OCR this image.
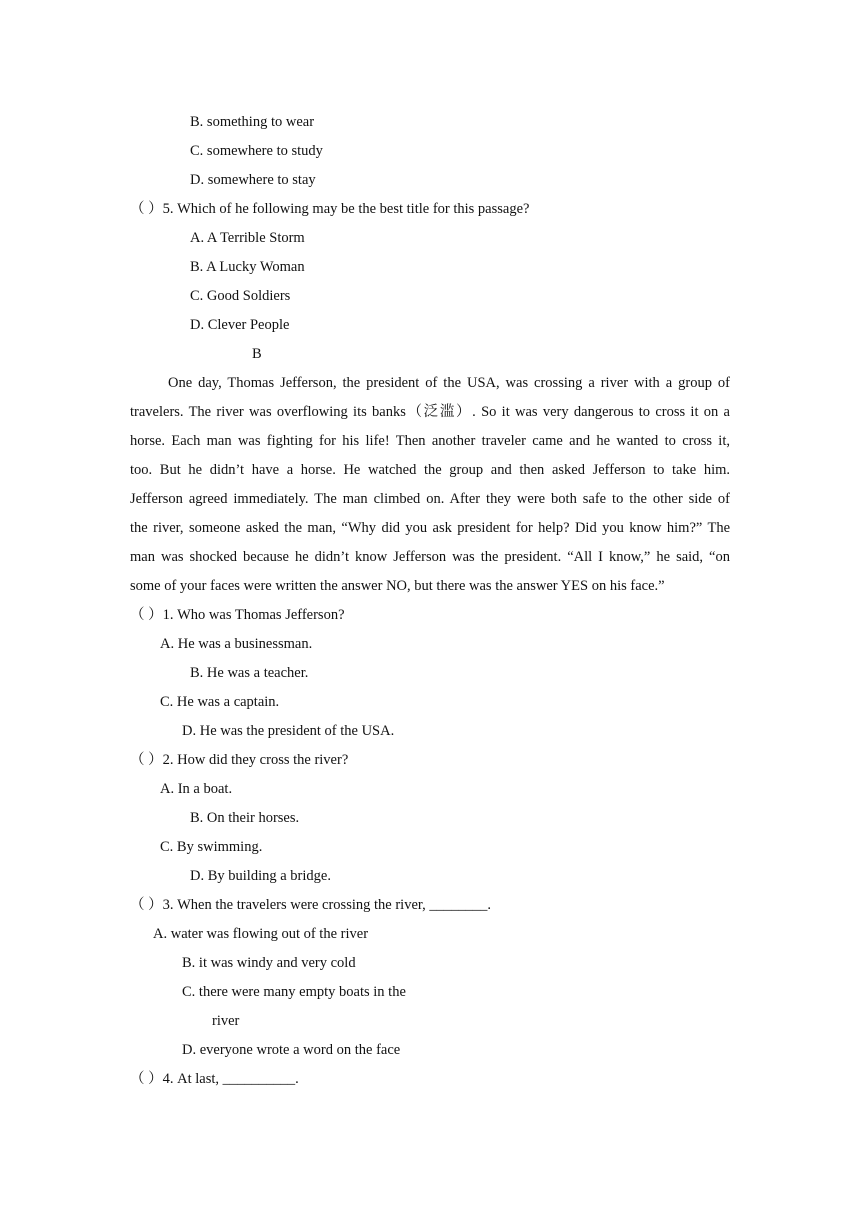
B. something to wear
C. somewhere to study
D. somewhere to stay
（ ）5. Which of he following may be the best title for this passage?
A. A Terrible Storm
B. A Lucky Woman
C. Good Soldiers
D. Clever People
B
One day, Thomas Jefferson, the president of the USA, was crossing a river with a group of
travelers. The river was overflowing its banks（泛滥）. So it was very dangerous to cross it on a
horse. Each man was fighting for his life! Then another traveler came and he wanted to cross it,
too. But he didn’t have a horse. He watched the group and then asked Jefferson to take him.
Jefferson agreed immediately. The man climbed on. After they were both safe to the other side of
the river, someone asked the man, “Why did you ask president for help? Did you know him?” The
man was shocked because he didn’t know Jefferson was the president. “All I know,” he said, “on
some of your faces were written the answer NO, but there was the answer YES on his face.”
（ ）1. Who was Thomas Jefferson?
A. He was a businessman.
B. He was a teacher.
C. He was a captain.
D. He was the president of the USA.
（ ）2. How did they cross the river?
A. In a boat.
B. On their horses.
C. By swimming.
D. By building a bridge.
（ ）3. When the travelers were crossing the river, ________.
A. water was flowing out of the river
B. it was windy and very cold
C. there were many empty boats in the
river
D. everyone wrote a word on the face
（ ）4. At last, __________.
